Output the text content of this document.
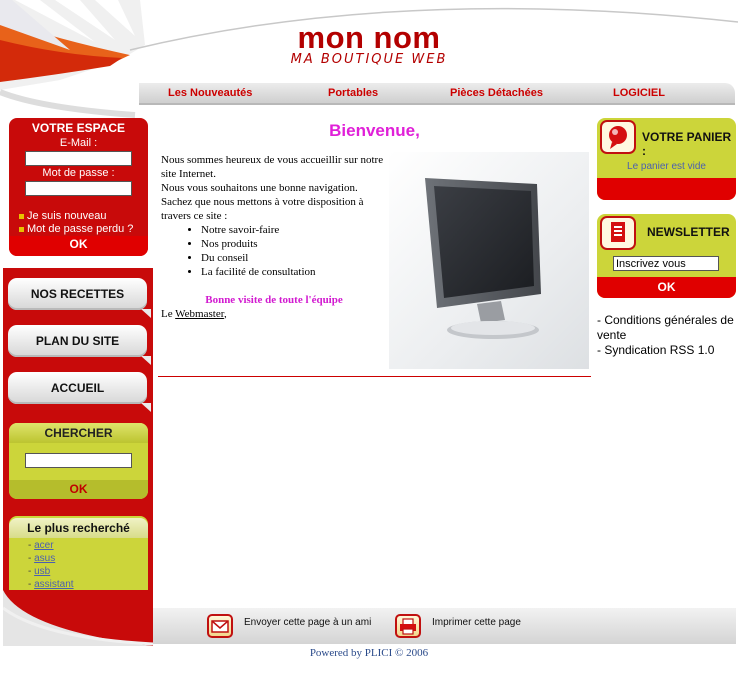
mon nom
MA BOUTIQUE WEB
Les Nouveautés	Portables	Pièces Détachées	LOGICIEL
VOTRE ESPACE
E-Mail :
Mot de passe :
Je suis nouveau
Mot de passe perdu ?
OK
NOS RECETTES
PLAN DU SITE
ACCUEIL
CHERCHER
OK
Le plus recherché
- acer
- asus
- usb
- assistant
Bienvenue,
Nous sommes heureux de vous accueillir sur notre site Internet.
Nous vous souhaitons une bonne navigation.
Sachez que nous mettons à votre disposition à travers ce site :
• Notre savoir-faire
• Nos produits
• Du conseil
• La facilité de consultation
Bonne visite de toute l'équipe
Le Webmaster,
VOTRE PANIER :
Le panier est vide
NEWSLETTER
Inscrivez vous
OK
- Conditions générales de vente
- Syndication RSS 1.0
Envoyer cette page à un ami	Imprimer cette page
Powered by PLICI © 2006
